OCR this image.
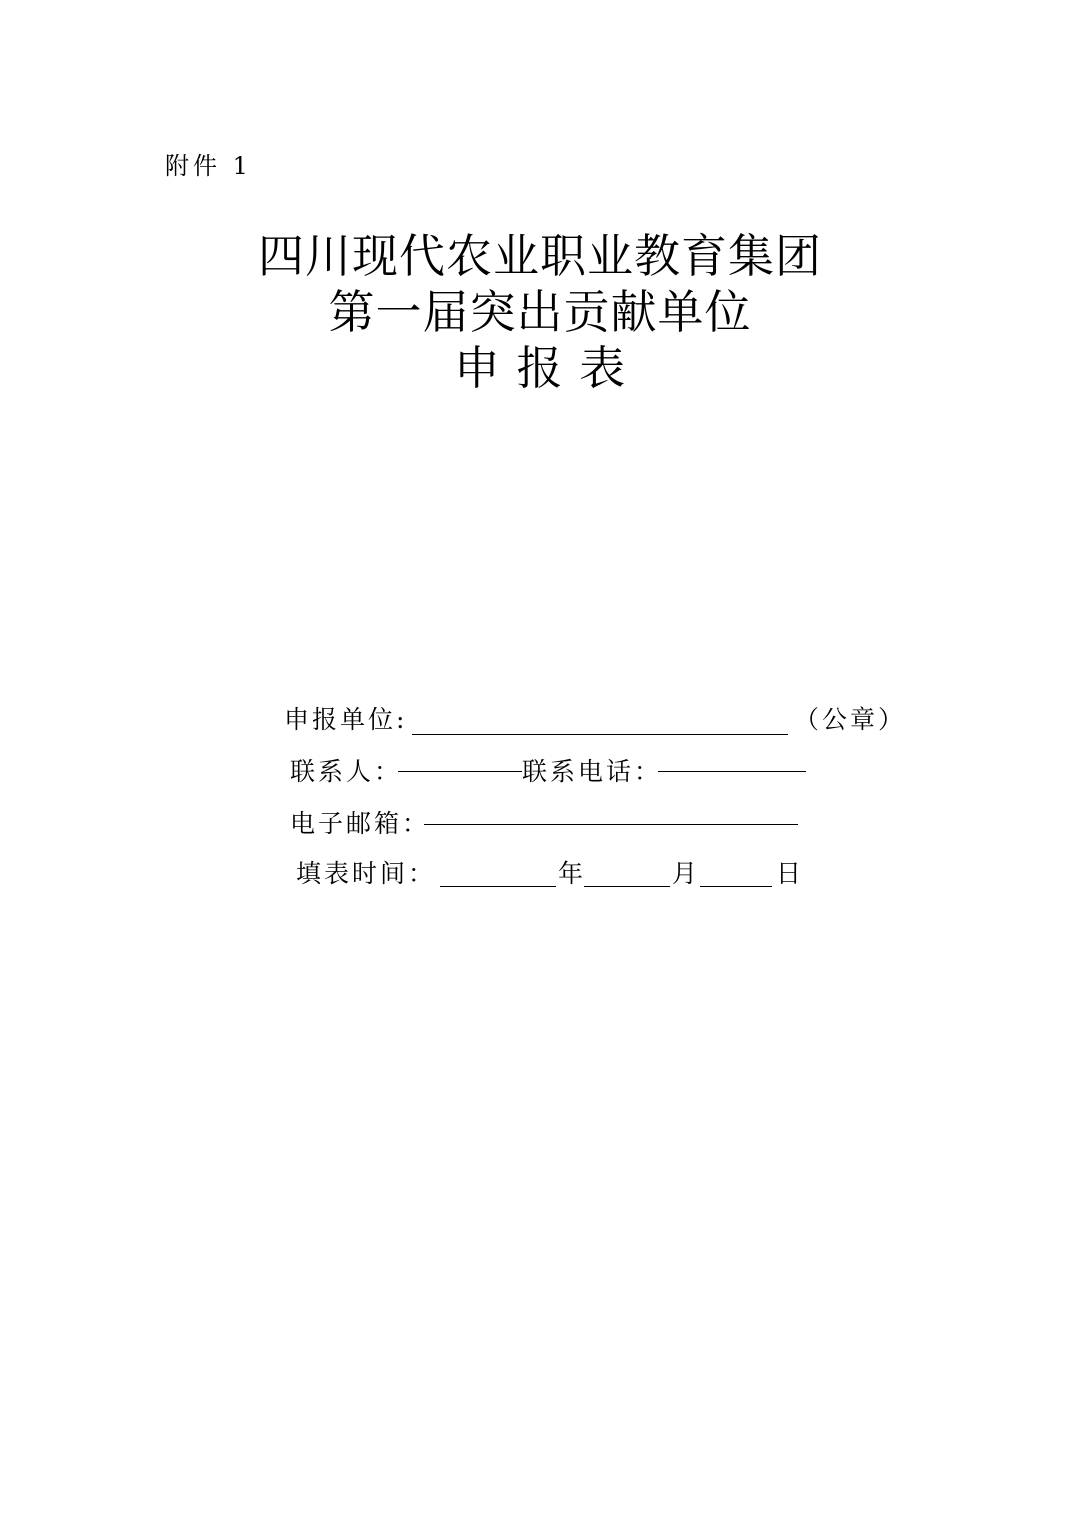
附件 1
四川现代农业职业教育集团
第一届突出贡献单位
申 报 表
申报单位:	（公章）
联系人：	联系电话：
电子邮箱：
填表时间：	年	月	日
